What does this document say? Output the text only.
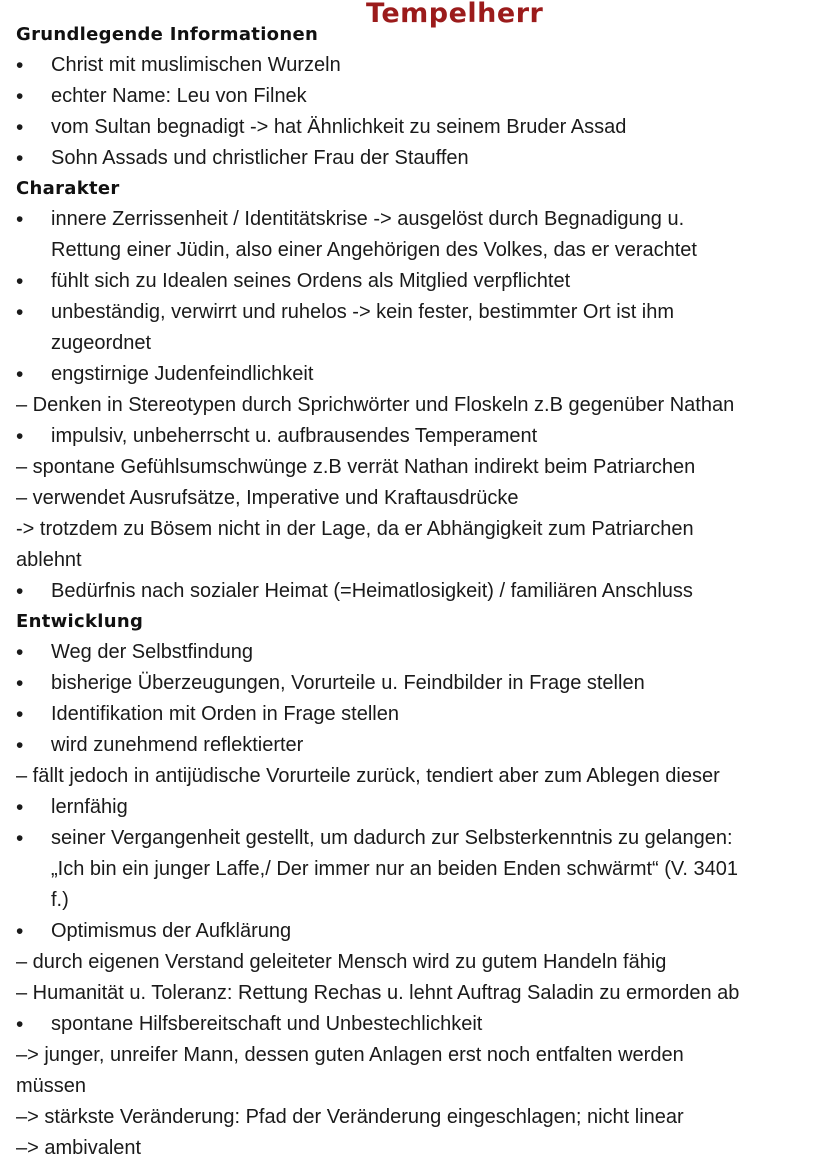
Tempelherr
Grundlegende Informationen
• Christ mit muslimischen Wurzeln
• echter Name: Leu von Filnek
• vom Sultan begnadigt -> hat Ähnlichkeit zu seinem Bruder Assad
• Sohn Assads und christlicher Frau der Stauffen
Charakter
• innere Zerrissenheit / Identitätskrise -> ausgelöst durch Begnadigung u.
Rettung einer Jüdin, also einer Angehörigen des Volkes, das er verachtet
• fühlt sich zu Idealen seines Ordens als Mitglied verpflichtet
• unbeständig, verwirrt und ruhelos -> kein fester, bestimmter Ort ist ihm
zugeordnet
• engstirnige Judenfeindlichkeit
– Denken in Stereotypen durch Sprichwörter und Floskeln z.B gegenüber Nathan
• impulsiv, unbeherrscht u. aufbrausendes Temperament
– spontane Gefühlsumschwünge z.B verrät Nathan indirekt beim Patriarchen
– verwendet Ausrufsätze, Imperative und Kraftausdrücke
-> trotzdem zu Bösem nicht in der Lage, da er Abhängigkeit zum Patriarchen
ablehnt
• Bedürfnis nach sozialer Heimat (=Heimatlosigkeit) / familiären Anschluss
Entwicklung
• Weg der Selbstfindung
• bisherige Überzeugungen, Vorurteile u. Feindbilder in Frage stellen
• Identifikation mit Orden in Frage stellen
• wird zunehmend reflektierter
– fällt jedoch in antijüdische Vorurteile zurück, tendiert aber zum Ablegen dieser
• lernfähig
• seiner Vergangenheit gestellt, um dadurch zur Selbsterkenntnis zu gelangen:
„Ich bin ein junger Laffe,/ Der immer nur an beiden Enden schwärmt“ (V. 3401
f.)
• Optimismus der Aufklärung
– durch eigenen Verstand geleiteter Mensch wird zu gutem Handeln fähig
– Humanität u. Toleranz: Rettung Rechas u. lehnt Auftrag Saladin zu ermorden ab
• spontane Hilfsbereitschaft und Unbestechlichkeit
–> junger, unreifer Mann, dessen guten Anlagen erst noch entfalten werden
müssen
–> stärkste Veränderung: Pfad der Veränderung eingeschlagen; nicht linear
–> ambivalent
